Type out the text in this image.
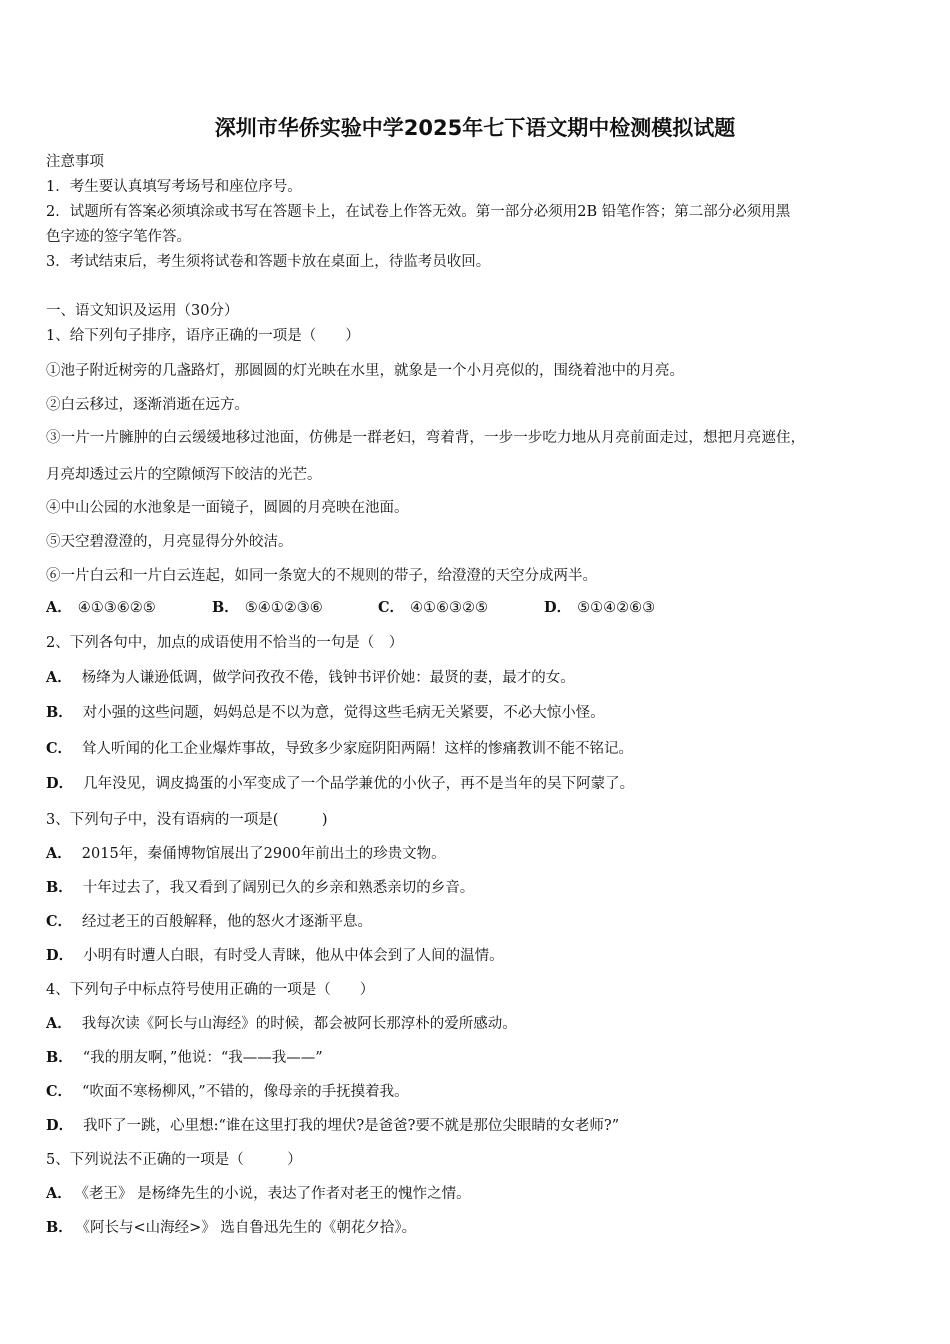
深圳市华侨实验中学2025年七下语文期中检测模拟试题
注意事项
1．考生要认真填写考场号和座位序号。
2．试题所有答案必须填涂或书写在答题卡上，在试卷上作答无效。第一部分必须用2B 铅笔作答；第二部分必须用黑
色字迹的签字笔作答。
3．考试结束后，考生须将试卷和答题卡放在桌面上，待监考员收回。
一、语文知识及运用（30分）
1、给下列句子排序，语序正确的一项是（　　）
①池子附近树旁的几盏路灯，那圆圆的灯光映在水里，就象是一个小月亮似的，围绕着池中的月亮。
②白云移过，逐渐消逝在远方。
③一片一片臃肿的白云缓缓地移过池面，仿佛是一群老妇，弯着背，一步一步吃力地从月亮前面走过，想把月亮遮住，
月亮却透过云片的空隙倾泻下皎洁的光芒。
④中山公园的水池象是一面镜子，圆圆的月亮映在池面。
⑤天空碧澄澄的，月亮显得分外皎洁。
⑥一片白云和一片白云连起，如同一条宽大的不规则的带子，给澄澄的天空分成两半。
A． ④①③⑥②⑤	B． ⑤④①②③⑥	C． ④①⑥③②⑤	D． ⑤①④②⑥③
2、下列各句中，加点的成语使用不恰当的一句是（　）
A． 杨绛为人谦逊低调，做学问孜孜不倦，钱钟书评价她：最贤的妻，最才的女。
B． 对小强的这些问题，妈妈总是不以为意，觉得这些毛病无关紧要，不必大惊小怪。
C． 耸人听闻的化工企业爆炸事故，导致多少家庭阴阳两隔！这样的惨痛教训不能不铭记。
D． 几年没见，调皮捣蛋的小军变成了一个品学兼优的小伙子，再不是当年的吴下阿蒙了。
3、下列句子中，没有语病的一项是(　　　)
A． 2015年，秦俑博物馆展出了2900年前出土的珍贵文物。
B． 十年过去了，我又看到了阔别已久的乡亲和熟悉亲切的乡音。
C． 经过老王的百般解释，他的怒火才逐渐平息。
D． 小明有时遭人白眼，有时受人青睐，他从中体会到了人间的温情。
4、下列句子中标点符号使用正确的一项是（　　）
A． 我每次读《阿长与山海经》的时候，都会被阿长那淳朴的爱所感动。
B． “我的朋友啊，”他说：“我——我——”
C． “吹面不寒杨柳风，”不错的，像母亲的手抚摸着我。
D． 我吓了一跳，心里想:“谁在这里打我的埋伏?是爸爸?要不就是那位尖眼睛的女老师?”
5、下列说法不正确的一项是（　　　）
A． 《老王》 是杨绛先生的小说，表达了作者对老王的愧怍之情。
B． 《阿长与<山海经>》 选自鲁迅先生的《朝花夕拾》。
